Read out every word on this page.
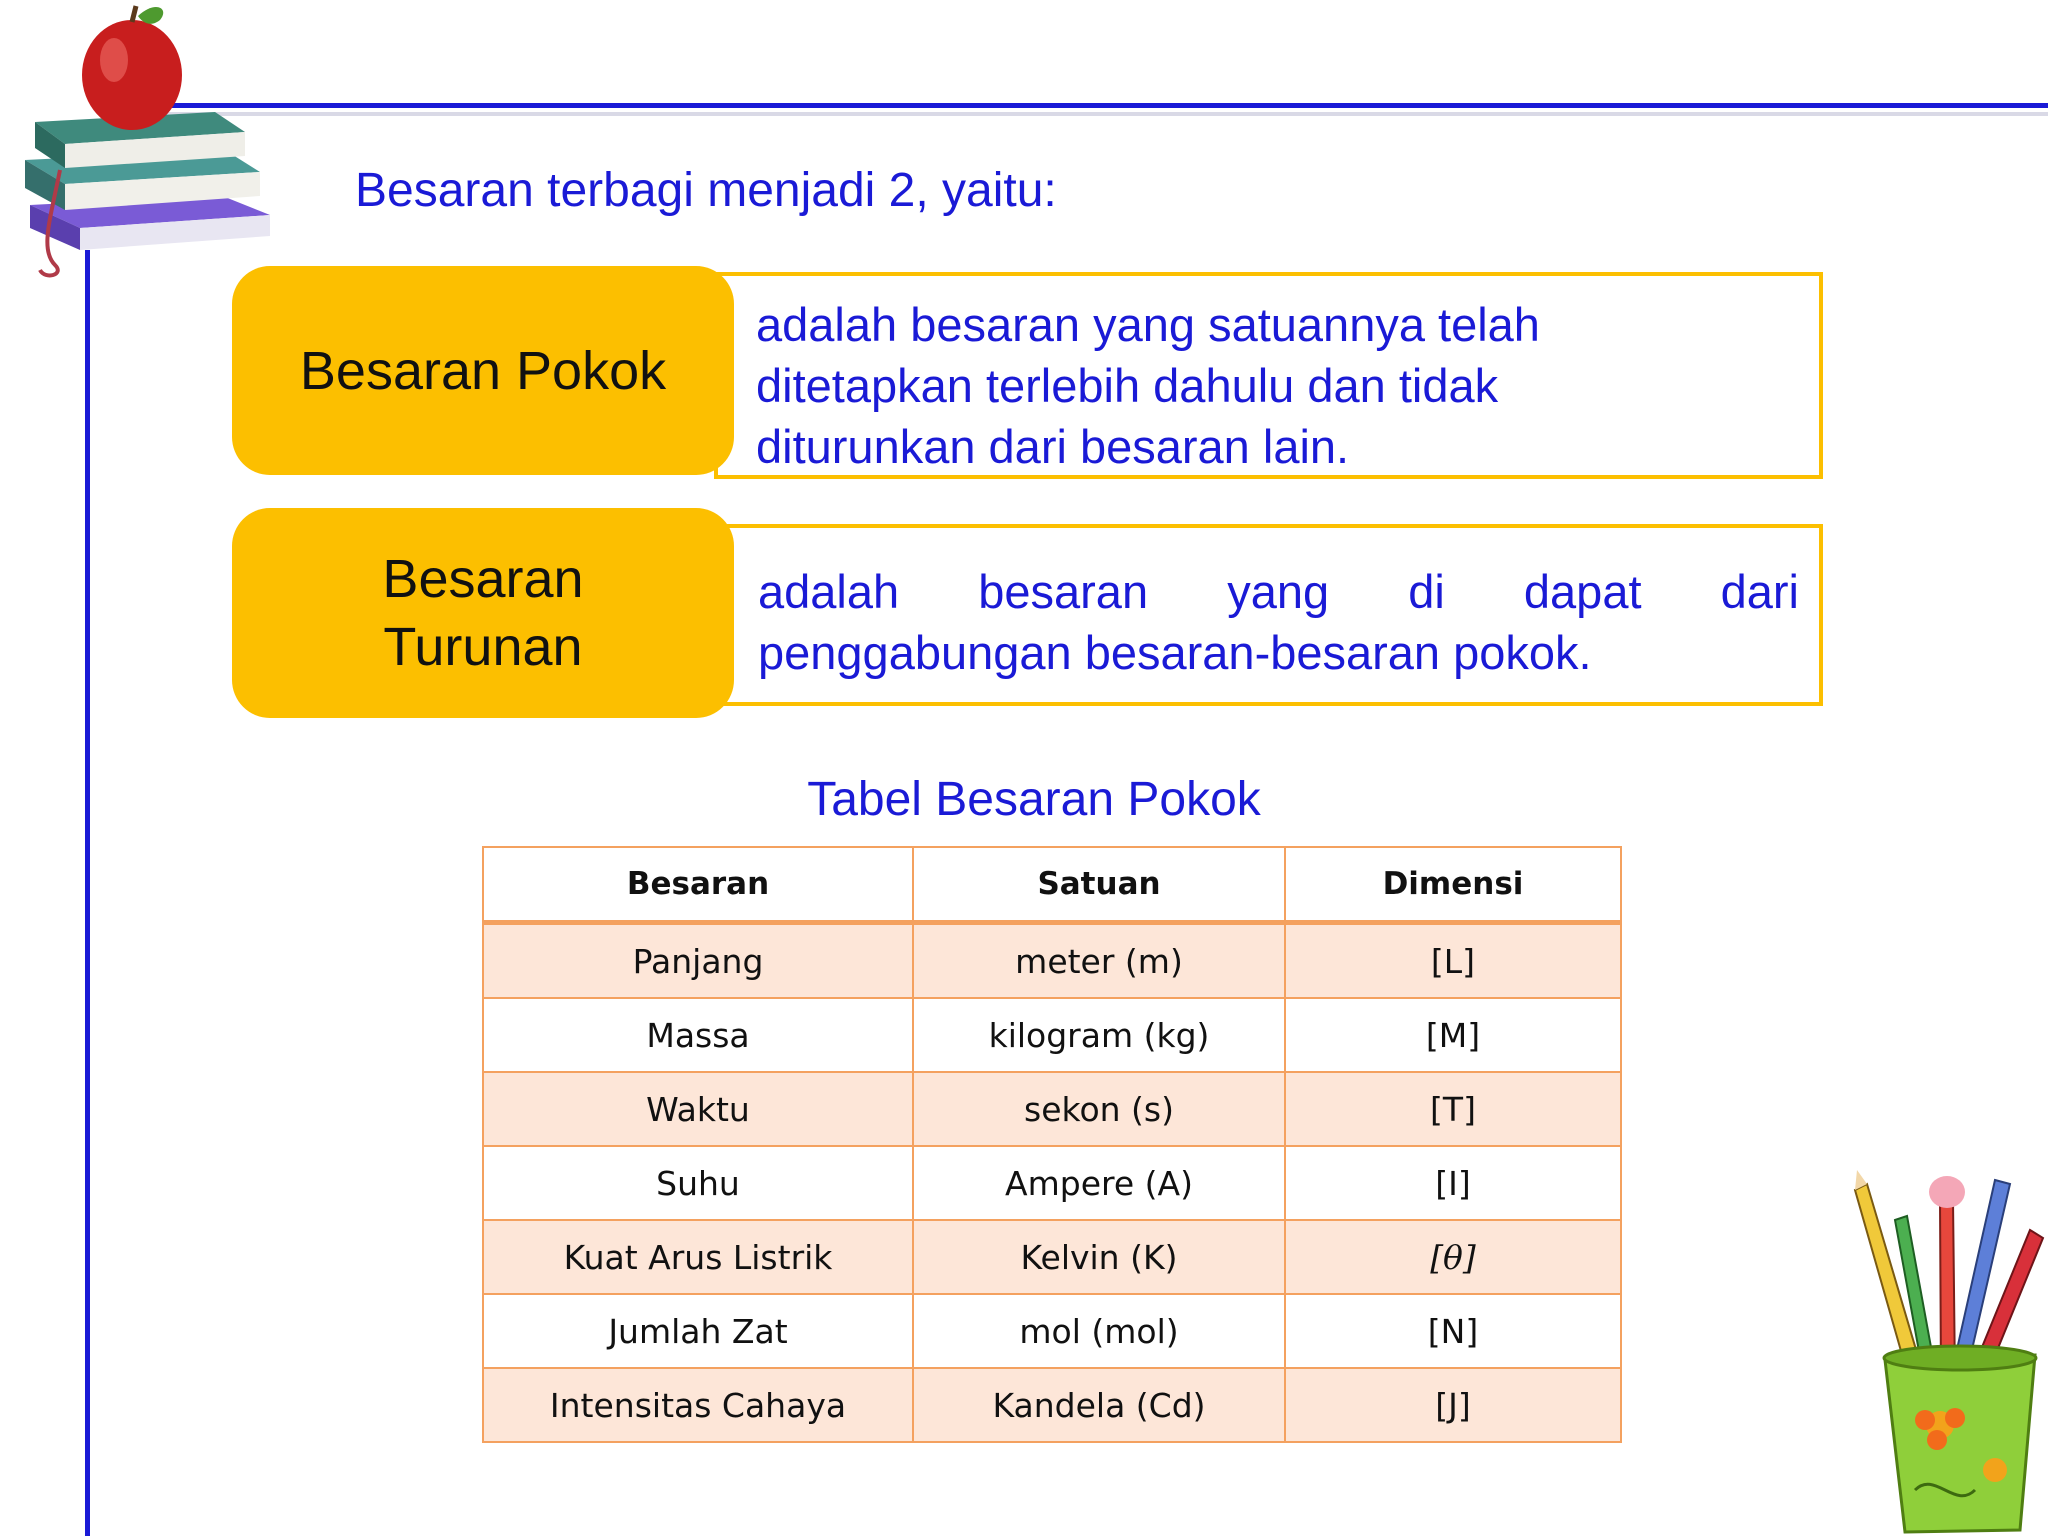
Besaran terbagi menjadi 2, yaitu:
adalah besaran yang satuannya telah
ditetapkan terlebih dahulu dan tidak
diturunkan dari besaran lain.
Besaran Pokok
adalah besaran yang di dapat dari
penggabungan besaran-besaran pokok.
Besaran
Turunan
Tabel Besaran Pokok
Besaran	Satuan	Dimensi
Panjang	meter (m)	[L]
Massa	kilogram (kg)	[M]
Waktu	sekon (s)	[T]
Suhu	Ampere (A)	[I]
Kuat Arus Listrik	Kelvin (K)	[θ]
Jumlah Zat	mol (mol)	[N]
Intensitas Cahaya	Kandela (Cd)	[J]
